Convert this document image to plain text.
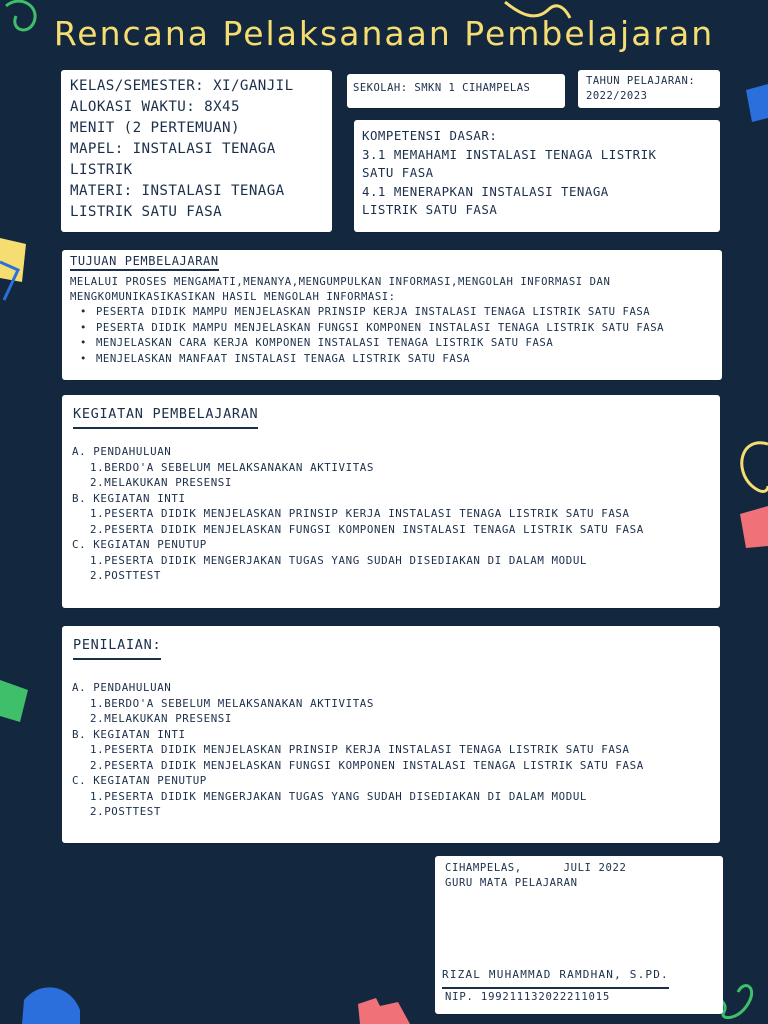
Rencana Pelaksanaan Pembelajaran
KELAS/SEMESTER: XI/GANJIL
ALOKASI WAKTU: 8X45
MENIT (2 PERTEMUAN)
MAPEL: INSTALASI TENAGA
LISTRIK
MATERI: INSTALASI TENAGA
LISTRIK SATU FASA
SEKOLAH: SMKN 1 CIHAMPELAS
TAHUN PELAJARAN:
2022/2023
KOMPETENSI DASAR:
3.1 MEMAHAMI INSTALASI TENAGA LISTRIK
SATU FASA
4.1 MENERAPKAN INSTALASI TENAGA
LISTRIK SATU FASA
TUJUAN PEMBELAJARAN
MELALUI PROSES MENGAMATI,MENANYA,MENGUMPULKAN INFORMASI,MENGOLAH INFORMASI DAN MENGKOMUNIKASIKASIKAN HASIL MENGOLAH INFORMASI:
• PESERTA DIDIK MAMPU MENJELASKAN PRINSIP KERJA INSTALASI TENAGA LISTRIK SATU FASA
• PESERTA DIDIK MAMPU MENJELASKAN FUNGSI KOMPONEN INSTALASI TENAGA LISTRIK SATU FASA
• MENJELASKAN CARA KERJA KOMPONEN INSTALASI TENAGA LISTRIK SATU FASA
• MENJELASKAN MANFAAT INSTALASI TENAGA LISTRIK SATU FASA
KEGIATAN PEMBELAJARAN
A. PENDAHULUAN
1.BERDO'A SEBELUM MELAKSANAKAN AKTIVITAS
2.MELAKUKAN PRESENSI
B. KEGIATAN INTI
1.PESERTA DIDIK MENJELASKAN PRINSIP KERJA INSTALASI TENAGA LISTRIK SATU FASA
2.PESERTA DIDIK MENJELASKAN FUNGSI KOMPONEN INSTALASI TENAGA LISTRIK SATU FASA
C. KEGIATAN PENUTUP
1.PESERTA DIDIK MENGERJAKAN TUGAS YANG SUDAH DISEDIAKAN DI DALAM MODUL
2.POSTTEST
PENILAIAN:
A. PENDAHULUAN
1.BERDO'A SEBELUM MELAKSANAKAN AKTIVITAS
2.MELAKUKAN PRESENSI
B. KEGIATAN INTI
1.PESERTA DIDIK MENJELASKAN PRINSIP KERJA INSTALASI TENAGA LISTRIK SATU FASA
2.PESERTA DIDIK MENJELASKAN FUNGSI KOMPONEN INSTALASI TENAGA LISTRIK SATU FASA
C. KEGIATAN PENUTUP
1.PESERTA DIDIK MENGERJAKAN TUGAS YANG SUDAH DISEDIAKAN DI DALAM MODUL
2.POSTTEST
CIHAMPELAS,      JULI 2022
GURU MATA PELAJARAN
RIZAL MUHAMMAD RAMDHAN, S.PD.
NIP. 199211132022211015
